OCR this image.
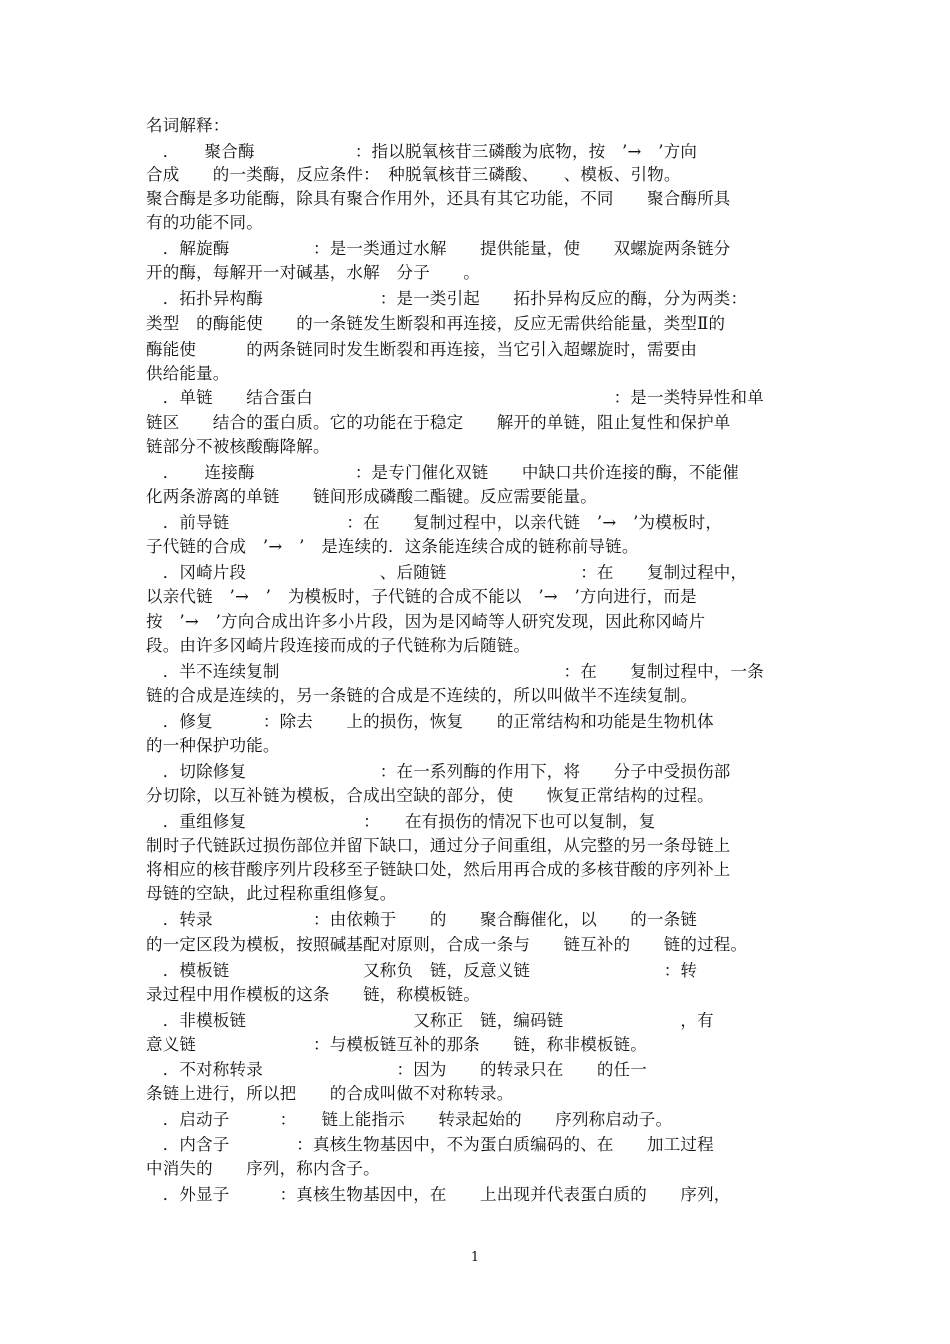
名词解释：
　．　　聚合酶　　　　　　：指以脱氧核苷三磷酸为底物，按　’→　’方向
合成　　的一类酶，反应条件：　种脱氧核苷三磷酸、　　、模板、引物。
聚合酶是多功能酶，除具有聚合作用外，还具有其它功能，不同　　聚合酶所具
有的功能不同。
　．解旋酶　　　　　：是一类通过水解　　提供能量，使　　双螺旋两条链分
开的酶，每解开一对碱基，水解　分子　　。
　．拓扑异构酶　　　　　　　：是一类引起　　拓扑异构反应的酶，分为两类：
类型　的酶能使　　的一条链发生断裂和再连接，反应无需供给能量，类型Ⅱ的
酶能使　　　的两条链同时发生断裂和再连接，当它引入超螺旋时，需要由
供给能量。
　．单链　　结合蛋白　　　　　　　　　　　　　　　　　　：是一类特异性和单
链区　　结合的蛋白质。它的功能在于稳定　　解开的单链，阻止复性和保护单
链部分不被核酸酶降解。
　．　　连接酶　　　　　　：是专门催化双链　　中缺口共价连接的酶，不能催
化两条游离的单链　　链间形成磷酸二酯键。反应需要能量。
　．前导链　　　　　　　：在　　复制过程中，以亲代链　’→　’为模板时，
子代链的合成　’→　’　是连续的．这条能连续合成的链称前导链。
　．冈崎片段　　　　　　　　、后随链　　　　　　　　：在　　复制过程中，
以亲代链　’→　’　为模板时，子代链的合成不能以　’→　’方向进行，而是
按　’→　’方向合成出许多小片段，因为是冈崎等人研究发现，因此称冈崎片
段。由许多冈崎片段连接而成的子代链称为后随链。
　．半不连续复制　　　　　　　　　　　　　　　　　：在　　复制过程中，一条
链的合成是连续的，另一条链的合成是不连续的，所以叫做半不连续复制。
　．修复　　　：除去　　上的损伤，恢复　　的正常结构和功能是生物机体
的一种保护功能。
　．切除修复　　　　　　　　：在一系列酶的作用下，将　　分子中受损伤部
分切除，以互补链为模板，合成出空缺的部分，使　　恢复正常结构的过程。
　．重组修复　　　　　　　：　　在有损伤的情况下也可以复制，复
制时子代链跃过损伤部位并留下缺口，通过分子间重组，从完整的另一条母链上
将相应的核苷酸序列片段移至子链缺口处，然后用再合成的多核苷酸的序列补上
母链的空缺，此过程称重组修复。
　．转录　　　　　　：由依赖于　　的　　聚合酶催化，以　　的一条链
的一定区段为模板，按照碱基配对原则，合成一条与　　链互补的　　链的过程。
　．模板链　　　　　　　　又称负　链，反意义链　　　　　　　　：转
录过程中用作模板的这条　　链，称模板链。
　．非模板链　　　　　　　　　　又称正　链，编码链　　　　　　　，有
意义链　　　　　　　：与模板链互补的那条　　链，称非模板链。
　．不对称转录　　　　　　　　：因为　　的转录只在　　的任一
条链上进行，所以把　　的合成叫做不对称转录。
　．启动子　　　：　　链上能指示　　转录起始的　　序列称启动子。
　．内含子　　　　：真核生物基因中，不为蛋白质编码的、在　　加工过程
中消失的　　序列，称内含子。
　．外显子　　　：真核生物基因中，在　　上出现并代表蛋白质的　　序列，
1
